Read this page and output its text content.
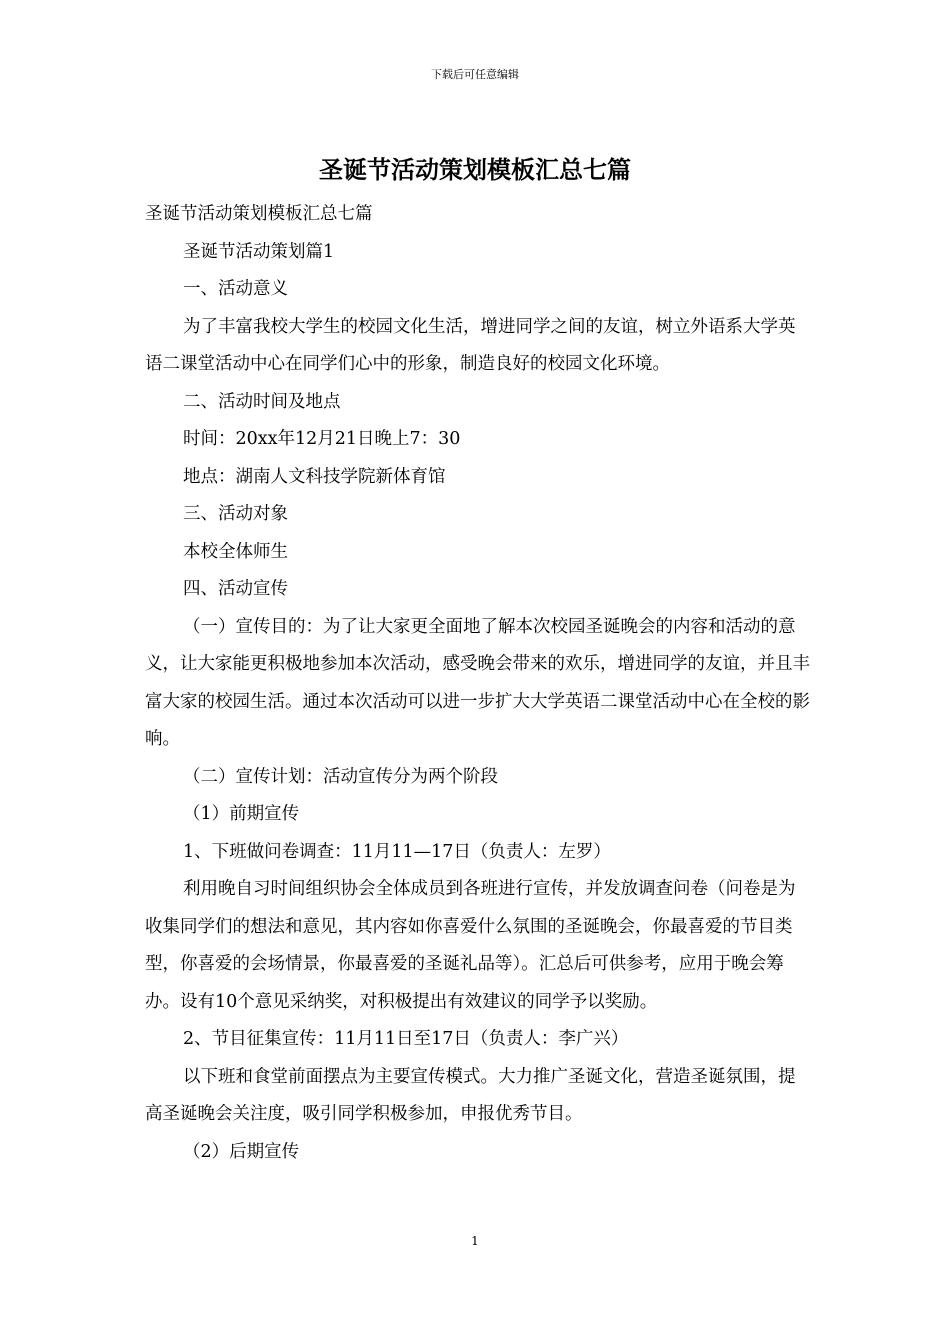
下载后可任意编辑
圣诞节活动策划模板汇总七篇

圣诞节活动策划模板汇总七篇

圣诞节活动策划篇1

一、活动意义

为了丰富我校大学生的校园文化生活，增进同学之间的友谊，树立外语系大学英语二课堂活动中心在同学们心中的形象，制造良好的校园文化环境。

二、活动时间及地点

时间：20xx年12月21日晚上7：30

地点：湖南人文科技学院新体育馆

三、活动对象

本校全体师生

四、活动宣传

（一）宣传目的：为了让大家更全面地了解本次校园圣诞晚会的内容和活动的意义，让大家能更积极地参加本次活动，感受晚会带来的欢乐，增进同学的友谊，并且丰富大家的校园生活。通过本次活动可以进一步扩大大学英语二课堂活动中心在全校的影响。

（二）宣传计划：活动宣传分为两个阶段

（1）前期宣传

1、下班做问卷调查：11月11—17日（负责人：左罗）

利用晚自习时间组织协会全体成员到各班进行宣传，并发放调查问卷（问卷是为收集同学们的想法和意见，其内容如你喜爱什么氛围的圣诞晚会，你最喜爱的节目类型，你喜爱的会场情景，你最喜爱的圣诞礼品等）。汇总后可供参考，应用于晚会筹办。设有10个意见采纳奖，对积极提出有效建议的同学予以奖励。

2、节目征集宣传：11月11日至17日（负责人：李广兴）

以下班和食堂前面摆点为主要宣传模式。大力推广圣诞文化，营造圣诞氛围，提高圣诞晚会关注度，吸引同学积极参加，申报优秀节目。

（2）后期宣传

1
